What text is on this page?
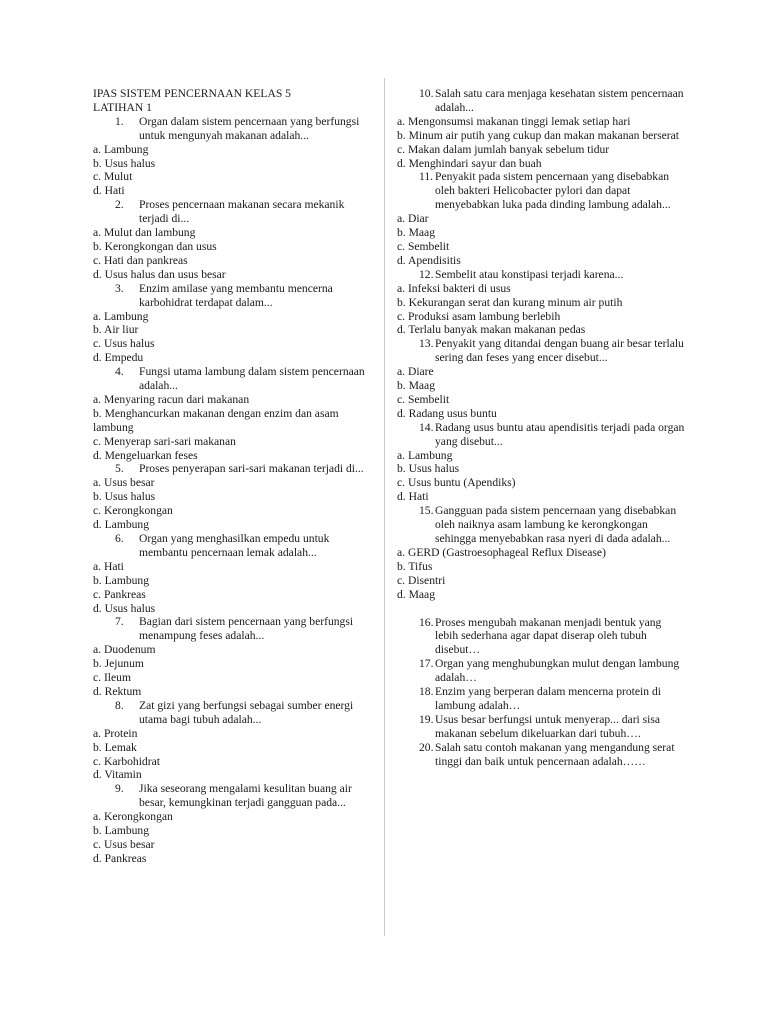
IPAS SISTEM PENCERNAAN KELAS 5
LATIHAN 1
1. Organ dalam sistem pencernaan yang berfungsi untuk mengunyah makanan adalah...
a. Lambung
b. Usus halus
c. Mulut
d. Hati
2. Proses pencernaan makanan secara mekanik terjadi di...
a. Mulut dan lambung
b. Kerongkongan dan usus
c. Hati dan pankreas
d. Usus halus dan usus besar
3. Enzim amilase yang membantu mencerna karbohidrat terdapat dalam...
a. Lambung
b. Air liur
c. Usus halus
d. Empedu
4. Fungsi utama lambung dalam sistem pencernaan adalah...
a. Menyaring racun dari makanan
b. Menghancurkan makanan dengan enzim dan asam lambung
c. Menyerap sari-sari makanan
d. Mengeluarkan feses
5. Proses penyerapan sari-sari makanan terjadi di...
a. Usus besar
b. Usus halus
c. Kerongkongan
d. Lambung
6. Organ yang menghasilkan empedu untuk membantu pencernaan lemak adalah...
a. Hati
b. Lambung
c. Pankreas
d. Usus halus
7. Bagian dari sistem pencernaan yang berfungsi menampung feses adalah...
a. Duodenum
b. Jejunum
c. Ileum
d. Rektum
8. Zat gizi yang berfungsi sebagai sumber energi utama bagi tubuh adalah...
a. Protein
b. Lemak
c. Karbohidrat
d. Vitamin
9. Jika seseorang mengalami kesulitan buang air besar, kemungkinan terjadi gangguan pada...
a. Kerongkongan
b. Lambung
c. Usus besar
d. Pankreas
10. Salah satu cara menjaga kesehatan sistem pencernaan adalah...
a. Mengonsumsi makanan tinggi lemak setiap hari
b. Minum air putih yang cukup dan makan makanan berserat
c. Makan dalam jumlah banyak sebelum tidur
d. Menghindari sayur dan buah
11. Penyakit pada sistem pencernaan yang disebabkan oleh bakteri Helicobacter pylori dan dapat menyebabkan luka pada dinding lambung adalah...
a. Diar
b. Maag
c. Sembelit
d. Apendisitis
12. Sembelit atau konstipasi terjadi karena...
a. Infeksi bakteri di usus
b. Kekurangan serat dan kurang minum air putih
c. Produksi asam lambung berlebih
d. Terlalu banyak makan makanan pedas
13. Penyakit yang ditandai dengan buang air besar terlalu sering dan feses yang encer disebut...
a. Diare
b. Maag
c. Sembelit
d. Radang usus buntu
14. Radang usus buntu atau apendisitis terjadi pada organ yang disebut...
a. Lambung
b. Usus halus
c. Usus buntu (Apendiks)
d. Hati
15. Gangguan pada sistem pencernaan yang disebabkan oleh naiknya asam lambung ke kerongkongan sehingga menyebabkan rasa nyeri di dada adalah...
a. GERD (Gastroesophageal Reflux Disease)
b. Tifus
c. Disentri
d. Maag
16. Proses mengubah makanan menjadi bentuk yang lebih sederhana agar dapat diserap oleh tubuh disebut…
17. Organ yang menghubungkan mulut dengan lambung adalah…
18. Enzim yang berperan dalam mencerna protein di lambung adalah…
19. Usus besar berfungsi untuk menyerap... dari sisa makanan sebelum dikeluarkan dari tubuh….
20. Salah satu contoh makanan yang mengandung serat tinggi dan baik untuk pencernaan adalah……
